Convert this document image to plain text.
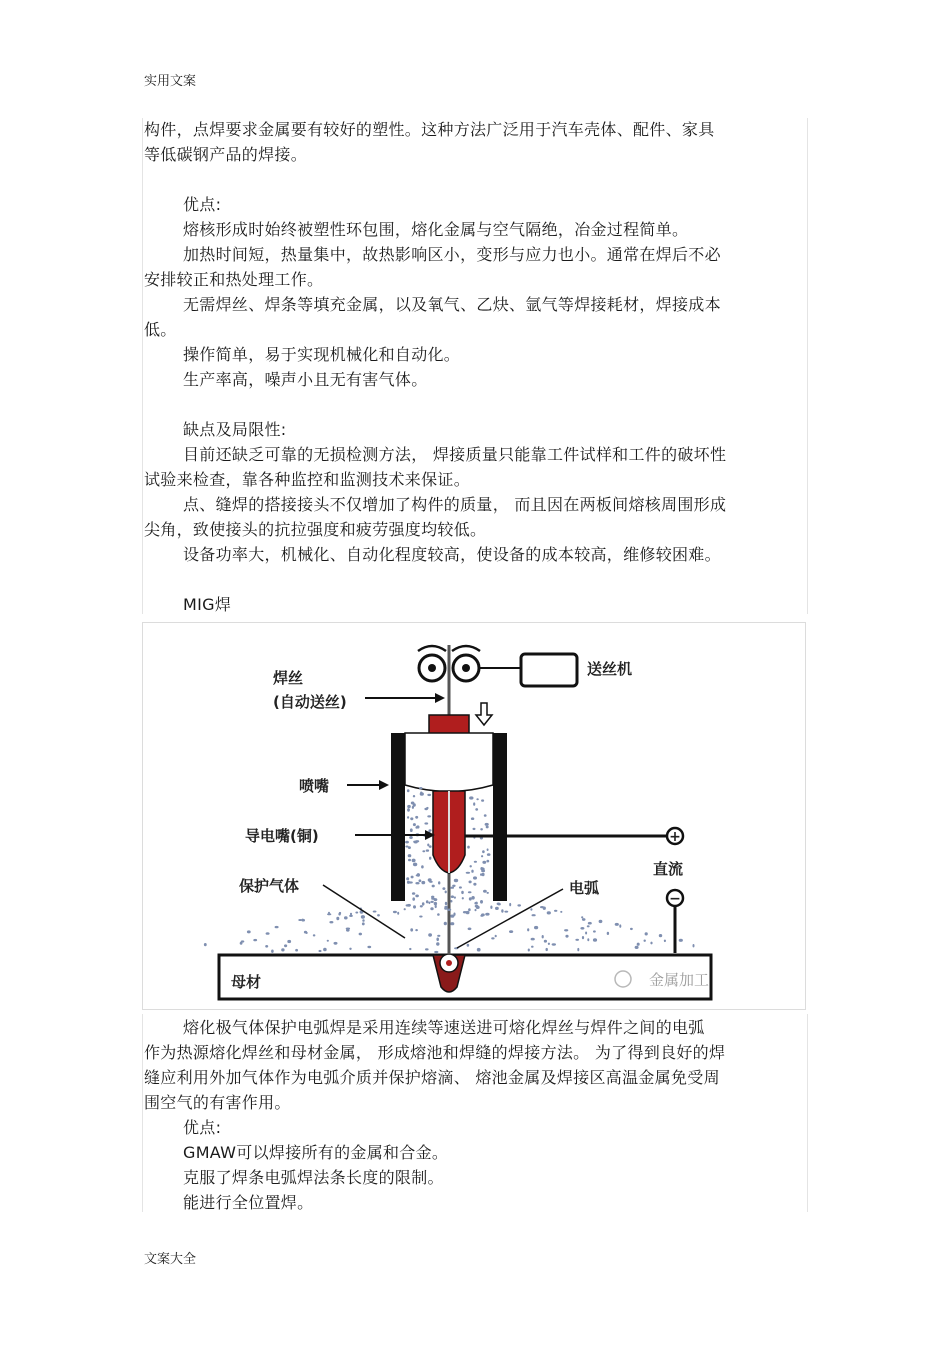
实用文案
构件，点焊要求金属要有较好的塑性。这种方法广泛用于汽车壳体、配件、家具
等低碳钢产品的焊接。
优点:
熔核形成时始终被塑性环包围，熔化金属与空气隔绝，冶金过程简单。
加热时间短，热量集中，故热影响区小，变形与应力也小。通常在焊后不必
安排较正和热处理工作。
无需焊丝、焊条等填充金属，以及氧气、乙炔、氩气等焊接耗材，焊接成本
低。
操作简单，易于实现机械化和自动化。
生产率高，噪声小且无有害气体。
缺点及局限性:
目前还缺乏可靠的无损检测方法， 焊接质量只能靠工件试样和工件的破坏性
试验来检查，靠各种监控和监测技术来保证。
点、缝焊的搭接接头不仅增加了构件的质量， 而且因在两板间熔核周围形成
尖角，致使接头的抗拉强度和疲劳强度均较低。
设备功率大，机械化、自动化程度较高，使设备的成本较高，维修较困难。
MIG焊
+
−
焊丝
(自动送丝)
送丝机
喷嘴
导电嘴(铜)
直流
保护气体	电弧
母材	金属加工
熔化极气体保护电弧焊是采用连续等速送进可熔化焊丝与焊件之间的电弧
作为热源熔化焊丝和母材金属， 形成熔池和焊缝的焊接方法。 为了得到良好的焊
缝应利用外加气体作为电弧介质并保护熔滴、 熔池金属及焊接区高温金属免受周
围空气的有害作用。
优点:
GMAW可以焊接所有的金属和合金。
克服了焊条电弧焊法条长度的限制。
能进行全位置焊。
文案大全
